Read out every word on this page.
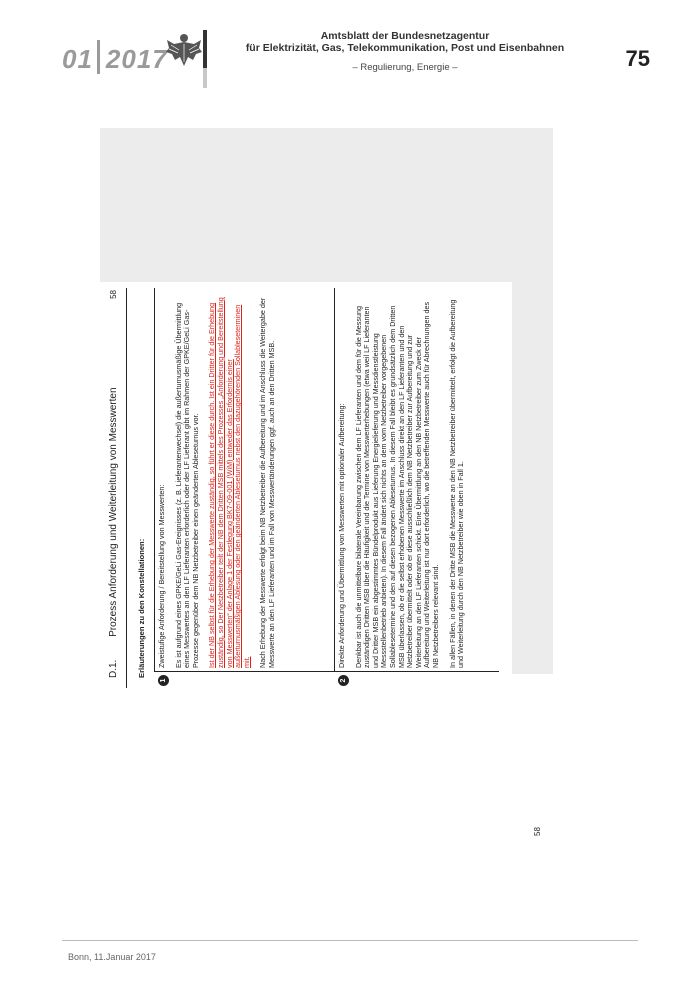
01 2017
Amtsblatt der Bundesnetzagentur
für Elektrizität, Gas, Telekommunikation, Post und Eisenbahnen
– Regulierung, Energie –	75
D.1. Prozess Anforderung und Weiterleitung von Messwerten
58
Erläuterungen zu den Konstellationen:
1

Zweistufige Anforderung / Bereitstellung von Messwerten: Es ist aufgrund eines GPKE/GeLi Gas-Ereignisses (z. B. Lieferantenwechsel) die außerturnusmäßige Übermittlung eines Messwertes an den LF Lieferanten erforderlich oder der LF Lieferant gibt im Rahmen der GPKE/GeLi Gas-Prozesse gegenüber dem NB Netzbetreiber einen geänderten Ableseturnus vor. Ist der NB selbst für die Erhebung der Messwerte zuständig, so führt er diese durch. Ist ein Dritter für die Erhebung zuständig, so Der Netzbetreiber teilt der NB dem Dritten MSB mittels des Prozesses „Anforderung und Bereitstellung von Messwerten“ der Anlage 1 der Festlegung BK7-09-001 (WiM) entweder das Erfordernis einer außerturnusmäßigen Ablesung oder den geänderten Ableseturnus nebst den dazugehörenden Sollableseterminen mit. Nach Erhebung der Messwerte erfolgt beim NB Netzbetreiber die Aufbereitung und im Anschluss die Weitergabe der Messwerte an den LF Lieferanten und im Fall von Messwertänderungen ggf. auch an den Dritten MSB.

2

Direkte Anforderung und Übermittlung von Messwerten mit optionaler Aufbereitung: Denkbar ist auch die unmittelbare bilaterale Vereinbarung zwischen dem LF Lieferanten und dem für die Messung zuständigen Dritten MSB über die Häufigkeit und die Termine von Messwerterhebungen (etwa weil LF Lieferanten und Dritter MSB ein abgestimmtes Bündelprodukt aus Lieferung Energielieferung und Messdienstleistung Messstellenbetrieb anbieten). In diesem Fall ändert sich nichts an dem vom Netzbetreiber vorgegebenen Sollablesetermine und den auf diesen bezogenen Ableseturnus. In diesem Fall bleibt es grundsätzlich dem Dritten MSB überlassen, ob er die selbst erhobenen Messwerte im Anschluss direkt an den LF Lieferanten und den Netzbetreiber übermittelt oder ob er diese ausschließlich dem NB Netzbetreiber zur Aufbereitung und zur Weiterleitung an den LF Lieferanten schickt. Eine Übermittlung an den NB Netzbetreiber zum Zweck der Aufbereitung und Weiterleitung ist nur dort erforderlich, wo die betreffenden Messwerte auch für Abrechnungen des NB Netzbetreibers relevant sind. In allen Fällen, in denen der Dritte MSB die Messwerte an den NB Netzbetreiber übermittelt, erfolgt die Aufbereitung und Weiterleitung durch den NB Netzbetreiber wie oben in Fall 1.

58
Bonn, 11.Januar 2017
